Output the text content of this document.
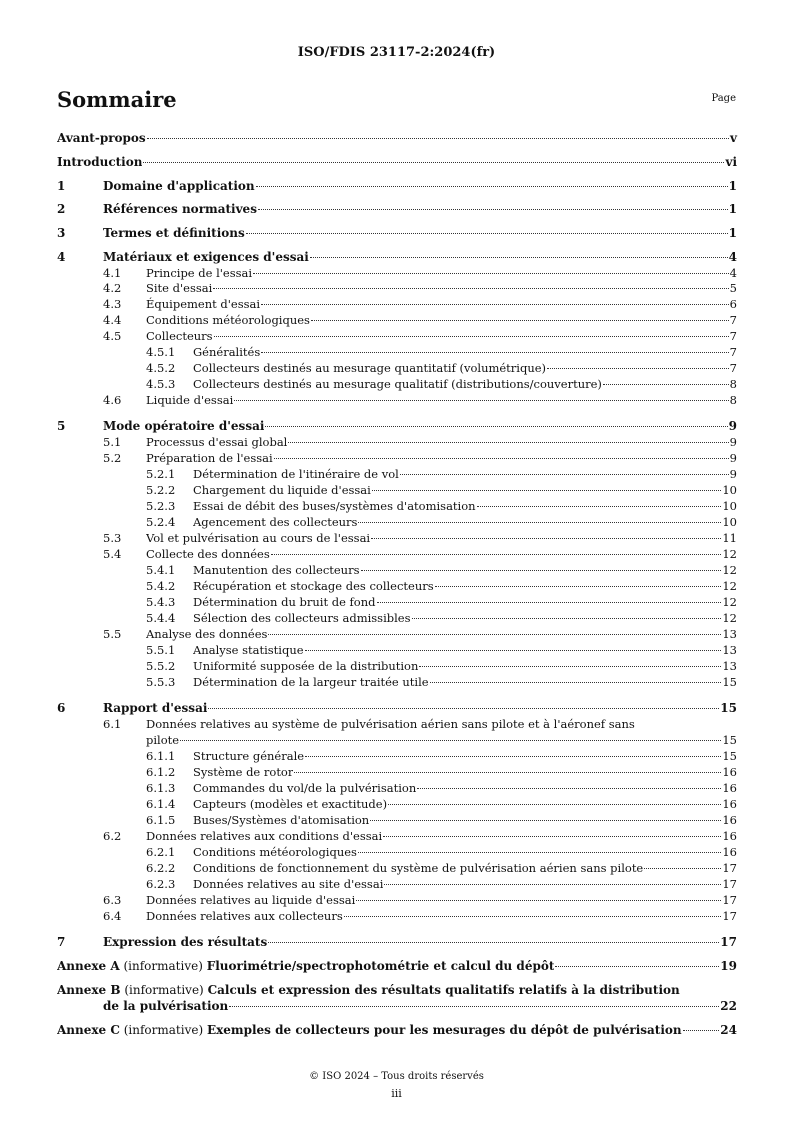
ISO/FDIS 23117-2:2024(fr)
Sommaire	Page
Avant-propos	v
Introduction	vi
1	Domaine d'application	1
2	Références normatives	1
3	Termes et définitions	1
4	Matériaux et exigences d'essai	4
4.1	Principe de l'essai	4
4.2	Site d'essai	5
4.3	Équipement d'essai	6
4.4	Conditions météorologiques	7
4.5	Collecteurs	7
4.5.1	Généralités	7
4.5.2	Collecteurs destinés au mesurage quantitatif (volumétrique)	7
4.5.3	Collecteurs destinés au mesurage qualitatif (distributions/couverture)	8
4.6	Liquide d'essai	8
5	Mode opératoire d'essai	9
5.1	Processus d'essai global	9
5.2	Préparation de l'essai	9
5.2.1	Détermination de l'itinéraire de vol	9
5.2.2	Chargement du liquide d'essai	10
5.2.3	Essai de débit des buses/systèmes d'atomisation	10
5.2.4	Agencement des collecteurs	10
5.3	Vol et pulvérisation au cours de l'essai	11
5.4	Collecte des données	12
5.4.1	Manutention des collecteurs	12
5.4.2	Récupération et stockage des collecteurs	12
5.4.3	Détermination du bruit de fond	12
5.4.4	Sélection des collecteurs admissibles	12
5.5	Analyse des données	13
5.5.1	Analyse statistique	13
5.5.2	Uniformité supposée de la distribution	13
5.5.3	Détermination de la largeur traitée utile	15
6	Rapport d'essai	15
6.1	Données relatives au système de pulvérisation aérien sans pilote et à l'aéronef sans
pilote	15
6.1.1	Structure générale	15
6.1.2	Système de rotor	16
6.1.3	Commandes du vol/de la pulvérisation	16
6.1.4	Capteurs (modèles et exactitude)	16
6.1.5	Buses/Systèmes d'atomisation	16
6.2	Données relatives aux conditions d'essai	16
6.2.1	Conditions météorologiques	16
6.2.2	Conditions de fonctionnement du système de pulvérisation aérien sans pilote	17
6.2.3	Données relatives au site d'essai	17
6.3	Données relatives au liquide d'essai	17
6.4	Données relatives aux collecteurs	17
7	Expression des résultats	17
Annexe A (informative) Fluorimétrie/spectrophotométrie et calcul du dépôt	19
Annexe B (informative) Calculs et expression des résultats qualitatifs relatifs à la distribution
de la pulvérisation	22
Annexe C (informative) Exemples de collecteurs pour les mesurages du dépôt de pulvérisation	24
© ISO 2024 – Tous droits réservés
iii
